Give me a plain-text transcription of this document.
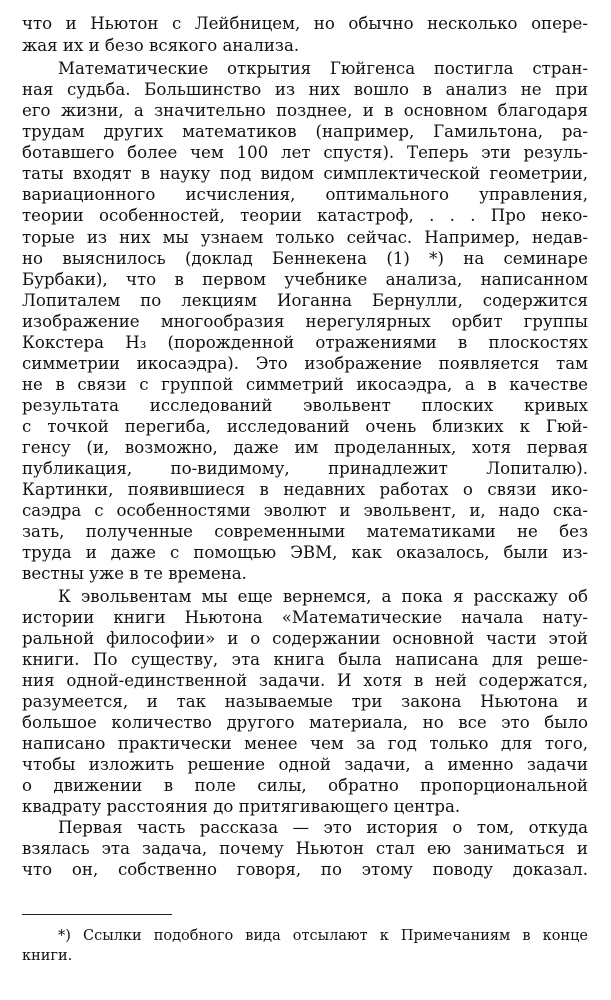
что и Ньютон с Лейбницем, но обычно несколько опере-
жая их и безо всякого анализа.
Математические открытия Гюйгенса постигла стран-
ная судьба. Большинство из них вошло в анализ не при
его жизни, а значительно позднее, и в основном благодаря
трудам других математиков (например, Гамильтона, ра-
ботавшего более чем 100 лет спустя). Теперь эти резуль-
таты входят в науку под видом симплектической геометрии,
вариационного исчисления, оптимального управления,
теории особенностей, теории катастроф, . . . Про неко-
торые из них мы узнаем только сейчас. Например, недав-
но выяснилось (доклад Беннекена (1) *) на семинаре
Бурбаки), что в первом учебнике анализа, написанном
Лопиталем по лекциям Иоганна Бернулли, содержится
изображение многообразия нерегулярных орбит группы
Кокстера H₃ (порожденной отражениями в плоскостях
симметрии икосаэдра). Это изображение появляется там
не в связи с группой симметрий икосаэдра, а в качестве
результата исследований эвольвент плоских кривых
с точкой перегиба, исследований очень близких к Гюй-
генсу (и, возможно, даже им проделанных, хотя первая
публикация, по-видимому, принадлежит Лопиталю).
Картинки, появившиеся в недавних работах о связи ико-
саэдра с особенностями эволют и эвольвент, и, надо ска-
зать, полученные современными математиками не без
труда и даже с помощью ЭВМ, как оказалось, были из-
вестны уже в те времена.
К эвольвентам мы еще вернемся, а пока я расскажу об
истории книги Ньютона «Математические начала нату-
ральной философии» и о содержании основной части этой
книги. По существу, эта книга была написана для реше-
ния одной-единственной задачи. И хотя в ней содержатся,
разумеется, и так называемые три закона Ньютона и
большое количество другого материала, но все это было
написано практически менее чем за год только для того,
чтобы изложить решение одной задачи, а именно задачи
о движении в поле силы, обратно пропорциональной
квадрату расстояния до притягивающего центра.
Первая часть рассказа — это история о том, откуда
взялась эта задача, почему Ньютон стал ею заниматься и
что он, собственно говоря, по этому поводу доказал.
*) Ссылки подобного вида отсылают к Примечаниям в конце
книги.
